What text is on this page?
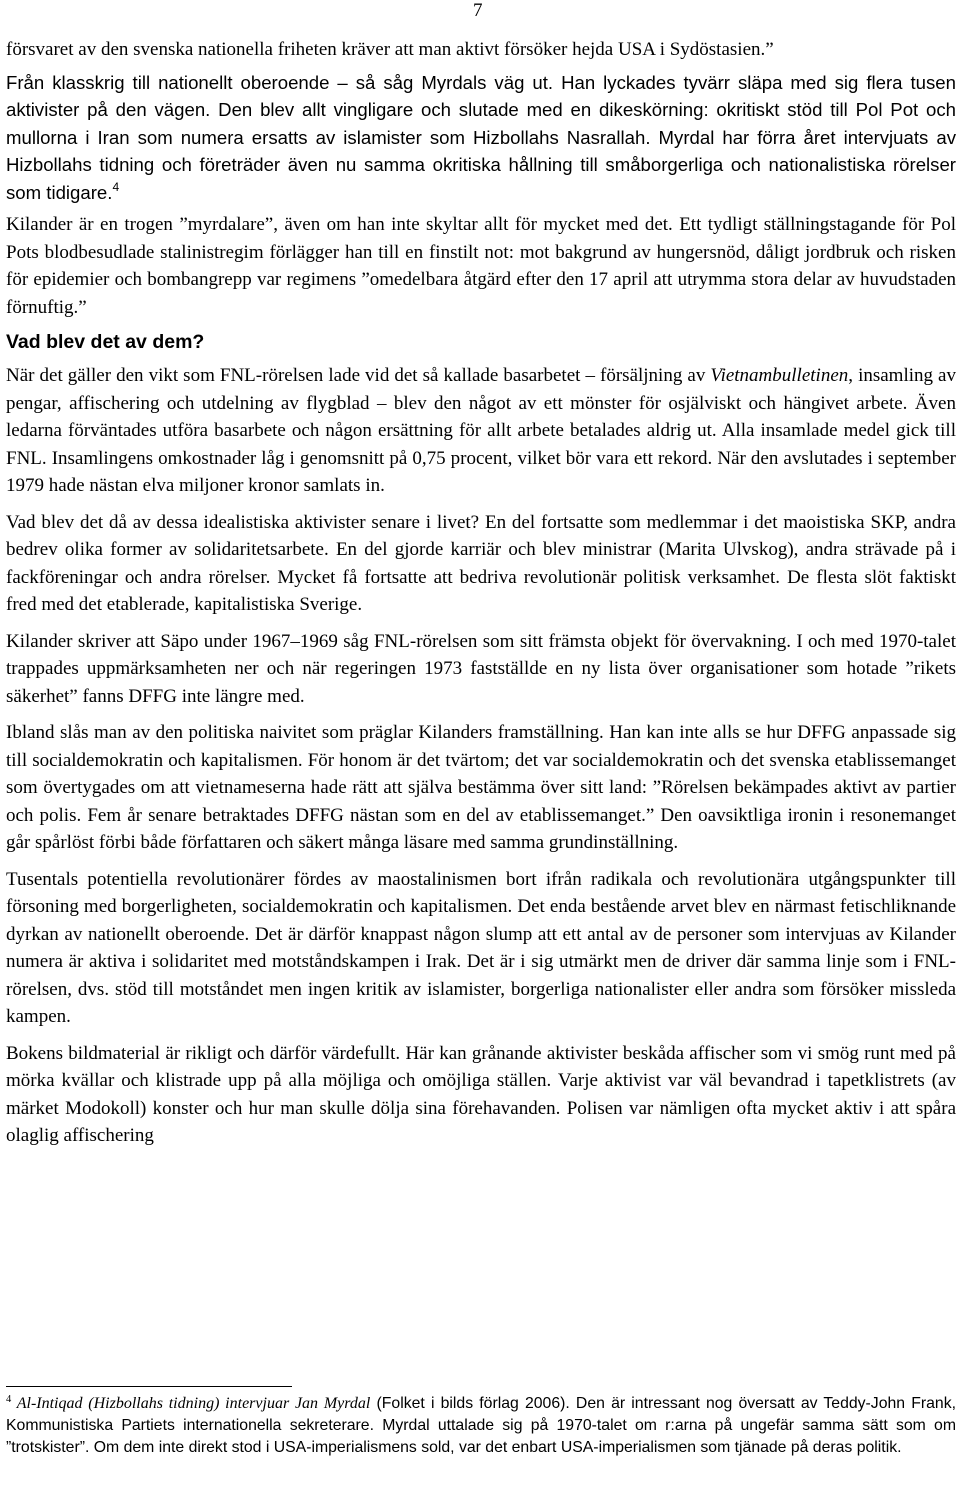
7

försvaret av den svenska nationella friheten kräver att man aktivt försöker hejda USA i Sydöstasien.”

Från klasskrig till nationellt oberoende – så såg Myrdals väg ut. Han lyckades tyvärr släpa med sig flera tusen aktivister på den vägen. Den blev allt vingligare och slutade med en dikeskörning: okritiskt stöd till Pol Pot och mullorna i Iran som numera ersatts av islamister som Hizbollahs Nasrallah. Myrdal har förra året intervjuats av Hizbollahs tidning och företräder även nu samma okritiska hållning till småborgerliga och nationalistiska rörelser som tidigare.$^4$

Kilander är en trogen ”myrdalare”, även om han inte skyltar allt för mycket med det. Ett tydligt ställningstagande för Pol Pots blodbesudlade stalinistregim förlägger han till en finstilt not: mot bakgrund av hungersnöd, dåligt jordbruk och risken för epidemier och bombangrepp var regimens ”omedelbara åtgärd efter den 17 april att utrymma stora delar av huvudstaden förnuftig.”

Vad blev det av dem?

När det gäller den vikt som FNL-rörelsen lade vid det så kallade basarbetet – försäljning av Vietnambulletinen, insamling av pengar, affischering och utdelning av flygblad – blev den något av ett mönster för osjälviskt och hängivet arbete. Även ledarna förväntades utföra basarbete och någon ersättning för allt arbete betalades aldrig ut. Alla insamlade medel gick till FNL. Insamlingens omkostnader låg i genomsnitt på 0,75 procent, vilket bör vara ett rekord. När den avslutades i september 1979 hade nästan elva miljoner kronor samlats in.

Vad blev det då av dessa idealistiska aktivister senare i livet? En del fortsatte som medlemmar i det maoistiska SKP, andra bedrev olika former av solidaritetsarbete. En del gjorde karriär och blev ministrar (Marita Ulvskog), andra strävade på i fackföreningar och andra rörelser. Mycket få fortsatte att bedriva revolutionär politisk verksamhet. De flesta slöt faktiskt fred med det etablerade, kapitalistiska Sverige.

Kilander skriver att Säpo under 1967–1969 såg FNL-rörelsen som sitt främsta objekt för övervakning. I och med 1970-talet trappades uppmärksamheten ner och när regeringen 1973 fastställde en ny lista över organisationer som hotade ”rikets säkerhet” fanns DFFG inte längre med.

Ibland slås man av den politiska naivitet som präglar Kilanders framställning. Han kan inte alls se hur DFFG anpassade sig till socialdemokratin och kapitalismen. För honom är det tvärtom; det var socialdemokratin och det svenska etablissemanget som övertygades om att vietnameserna hade rätt att själva bestämma över sitt land: ”Rörelsen bekämpades aktivt av partier och polis. Fem år senare betraktades DFFG nästan som en del av etablissemanget.” Den oavsiktliga ironin i resonemanget går spårlöst förbi både författaren och säkert många läsare med samma grundinställning.

Tusentals potentiella revolutionärer fördes av maostalinismen bort ifrån radikala och revolutionära utgångspunkter till försoning med borgerligheten, socialdemokratin och kapitalismen. Det enda bestående arvet blev en närmast fetischliknande dyrkan av nationellt oberoende. Det är därför knappast någon slump att ett antal av de personer som intervjuas av Kilander numera är aktiva i solidaritet med motståndskampen i Irak. Det är i sig utmärkt men de driver där samma linje som i FNL-rörelsen, dvs. stöd till motståndet men ingen kritik av islamister, borgerliga nationalister eller andra som försöker missleda kampen.

Bokens bildmaterial är rikligt och därför värdefullt. Här kan grånande aktivister beskåda affischer som vi smög runt med på mörka kvällar och klistrade upp på alla möjliga och omöjliga ställen. Varje aktivist var väl bevandrad i tapetklistrets (av märket Modokoll) konster och hur man skulle dölja sina förehavanden. Polisen var nämligen ofta mycket aktiv i att spåra olaglig affischering

$^4$ Al-Intiqad (Hizbollahs tidning) intervjuar Jan Myrdal (Folket i bilds förlag 2006). Den är intressant nog översatt av Teddy-John Frank, Kommunistiska Partiets internationella sekreterare. Myrdal uttalade sig på 1970-talet om r:arna på ungefär samma sätt som om ”trotskister”. Om dem inte direkt stod i USA-imperialismens sold, var det enbart USA-imperialismen som tjänade på deras politik.
